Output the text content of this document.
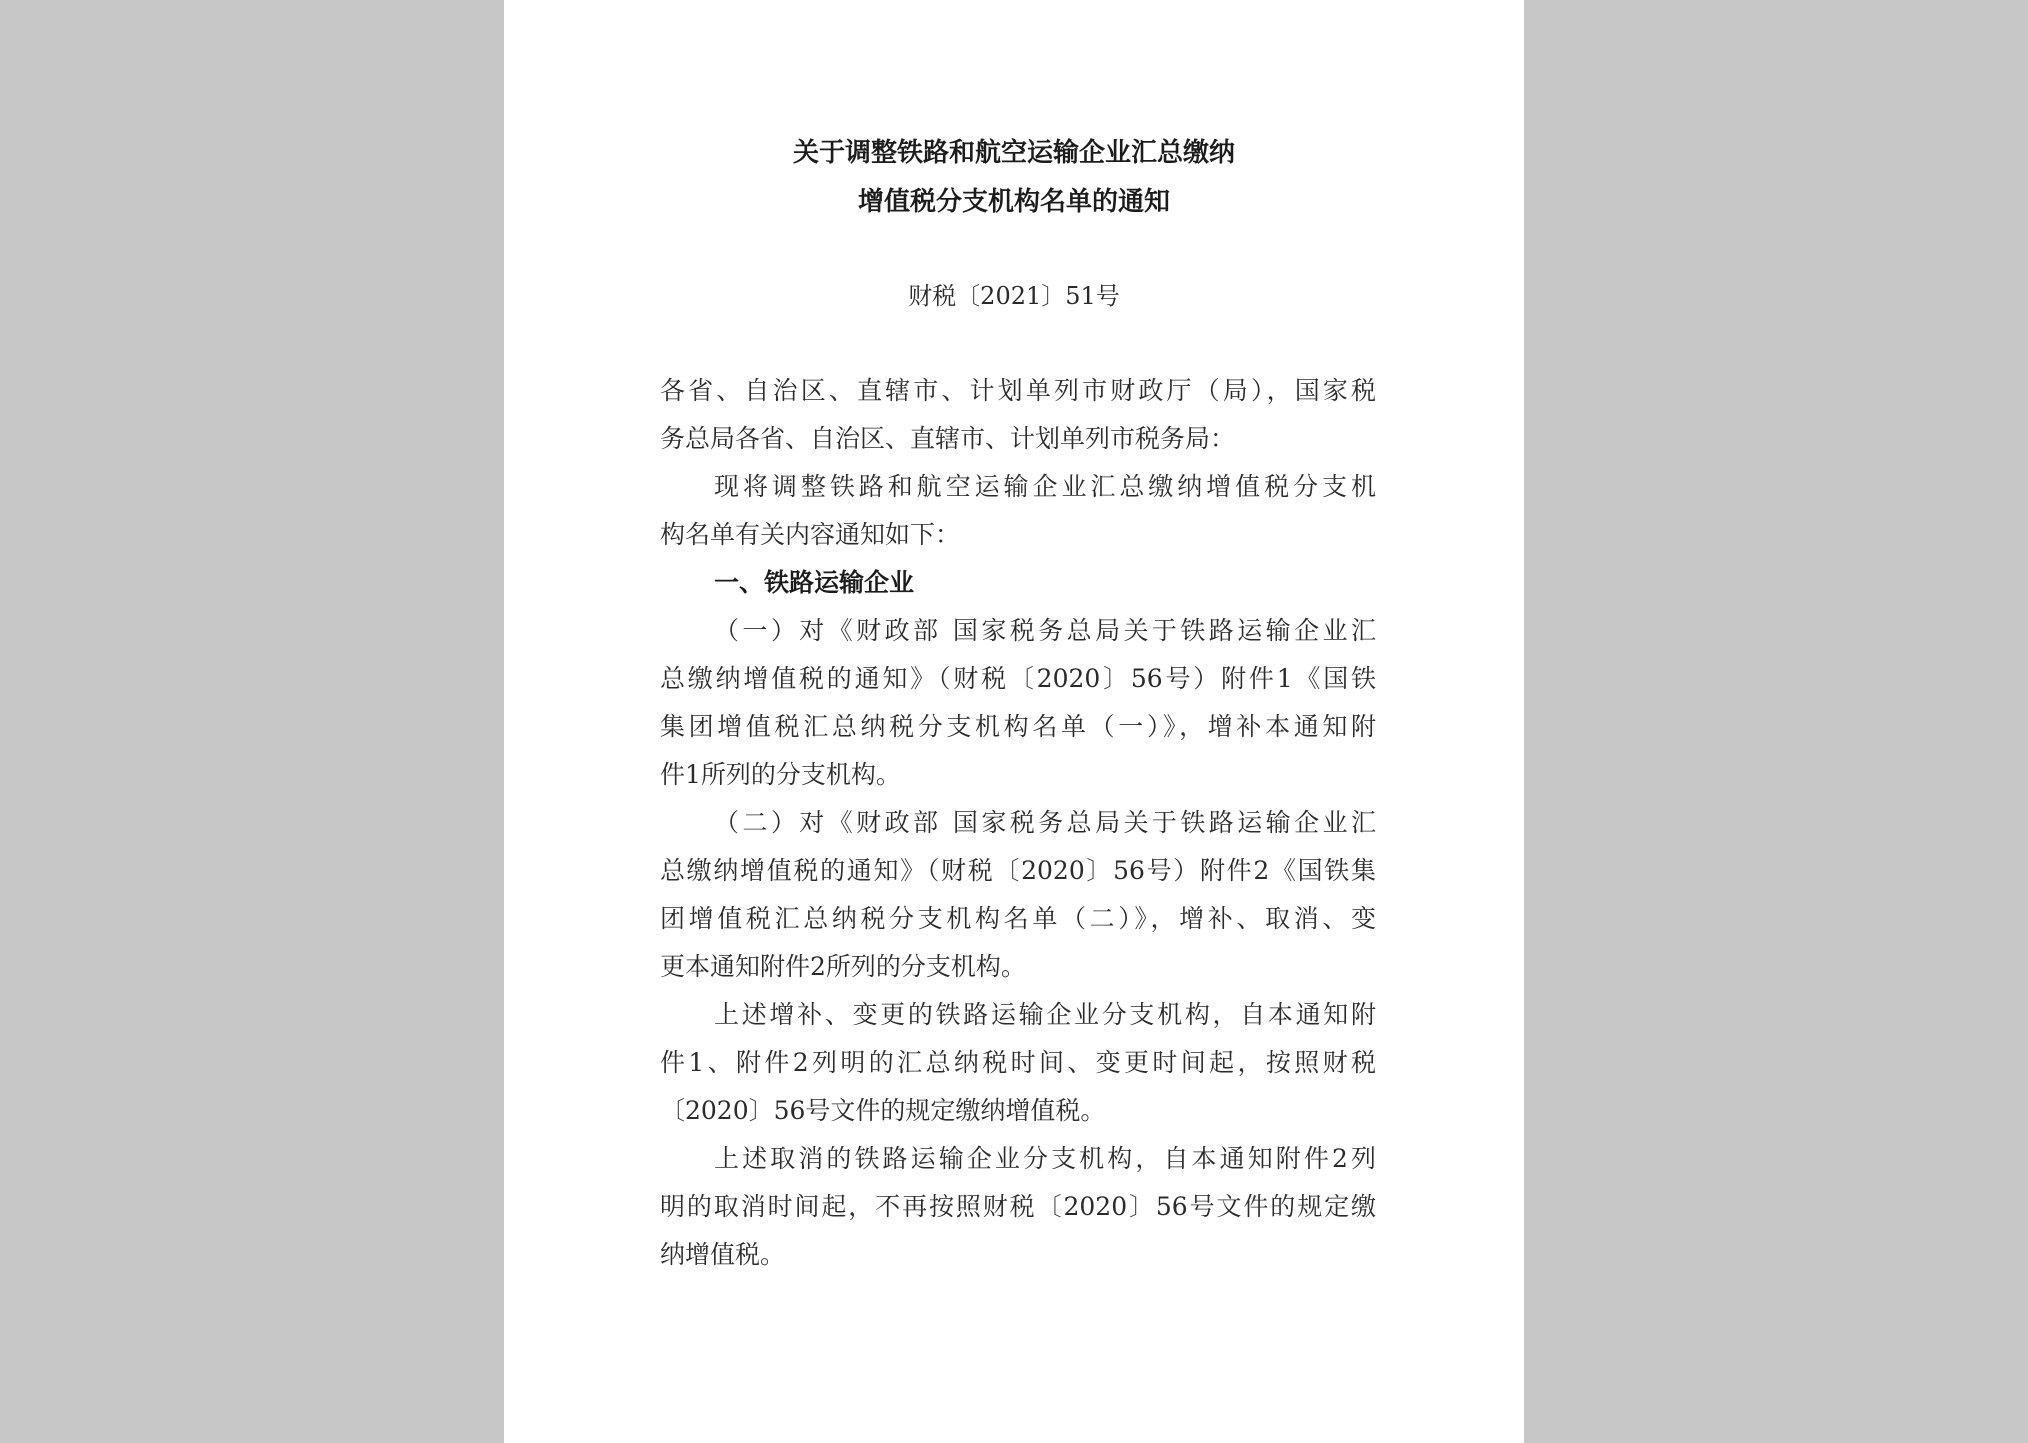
关于调整铁路和航空运输企业汇总缴纳
增值税分支机构名单的通知
财税〔2021〕51号
各省、自治区、直辖市、计划单列市财政厅（局），国家税
务总局各省、自治区、直辖市、计划单列市税务局：
现将调整铁路和航空运输企业汇总缴纳增值税分支机
构名单有关内容通知如下：
一、铁路运输企业
（一）对《财政部 国家税务总局关于铁路运输企业汇
总缴纳增值税的通知》（财税〔2020〕56号）附件1《国铁
集团增值税汇总纳税分支机构名单（一）》，增补本通知附
件1所列的分支机构。
（二）对《财政部 国家税务总局关于铁路运输企业汇
总缴纳增值税的通知》（财税〔2020〕56号）附件2《国铁集
团增值税汇总纳税分支机构名单（二）》，增补、取消、变
更本通知附件2所列的分支机构。
上述增补、变更的铁路运输企业分支机构，自本通知附
件1、附件2列明的汇总纳税时间、变更时间起，按照财税
〔2020〕56号文件的规定缴纳增值税。
上述取消的铁路运输企业分支机构，自本通知附件2列
明的取消时间起，不再按照财税〔2020〕56号文件的规定缴
纳增值税。
